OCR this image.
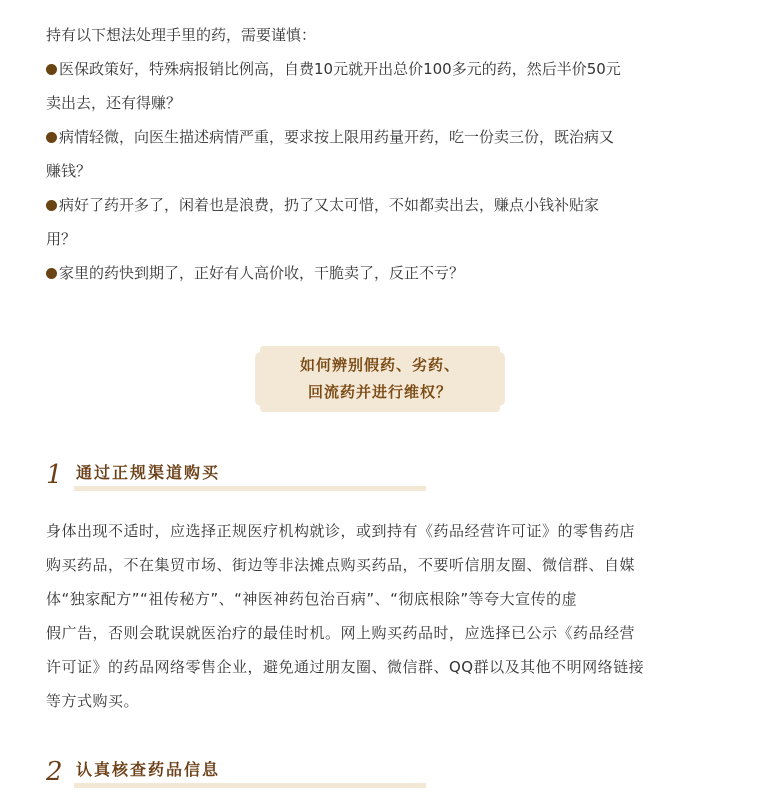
持有以下想法处理手里的药，需要谨慎：
医保政策好，特殊病报销比例高，自费10元就开出总价100多元的药，然后半价50元
卖出去，还有得赚？
病情轻微，向医生描述病情严重，要求按上限用药量开药，吃一份卖三份，既治病又
赚钱？
病好了药开多了，闲着也是浪费，扔了又太可惜，不如都卖出去，赚点小钱补贴家
用？
家里的药快到期了，正好有人高价收，干脆卖了，反正不亏？
如何辨别假药、劣药、
回流药并进行维权？
1 通过正规渠道购买
身体出现不适时，应选择正规医疗机构就诊，或到持有《药品经营许可证》的零售药店
购买药品，不在集贸市场、街边等非法摊点购买药品，不要听信朋友圈、微信群、自媒
体“独家配方”“祖传秘方”、“神医神药包治百病”、“彻底根除”等夸大宣传的虚
假广告，否则会耽误就医治疗的最佳时机。网上购买药品时，应选择已公示《药品经营
许可证》的药品网络零售企业，避免通过朋友圈、微信群、QQ群以及其他不明网络链接
等方式购买。
2 认真核查药品信息
